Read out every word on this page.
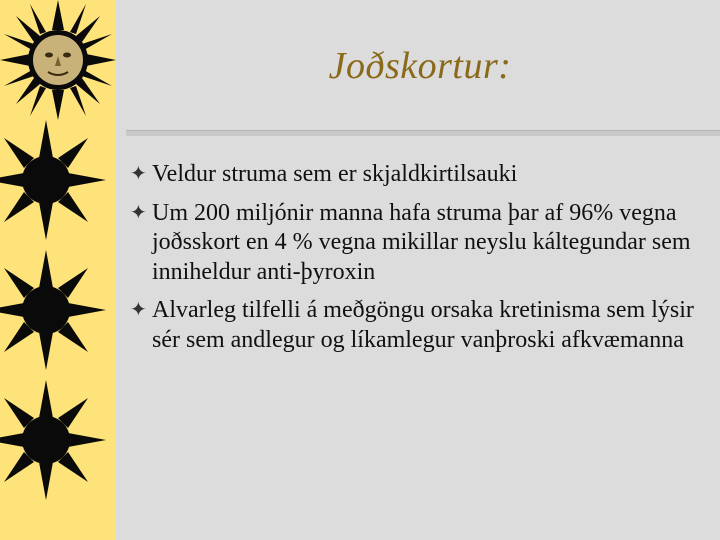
Joðskortur:
✦ Veldur struma sem er skjaldkirtilsauki
✦ Um 200 miljónir manna hafa struma þar af 96% vegna joðsskort en 4 % vegna mikillar neyslu káltegundar sem inniheldur anti-þyroxin
✦ Alvarleg tilfelli á meðgöngu orsaka kretinisma sem lýsir sér sem andlegur og líkamlegur vanþroski afkvæmanna
